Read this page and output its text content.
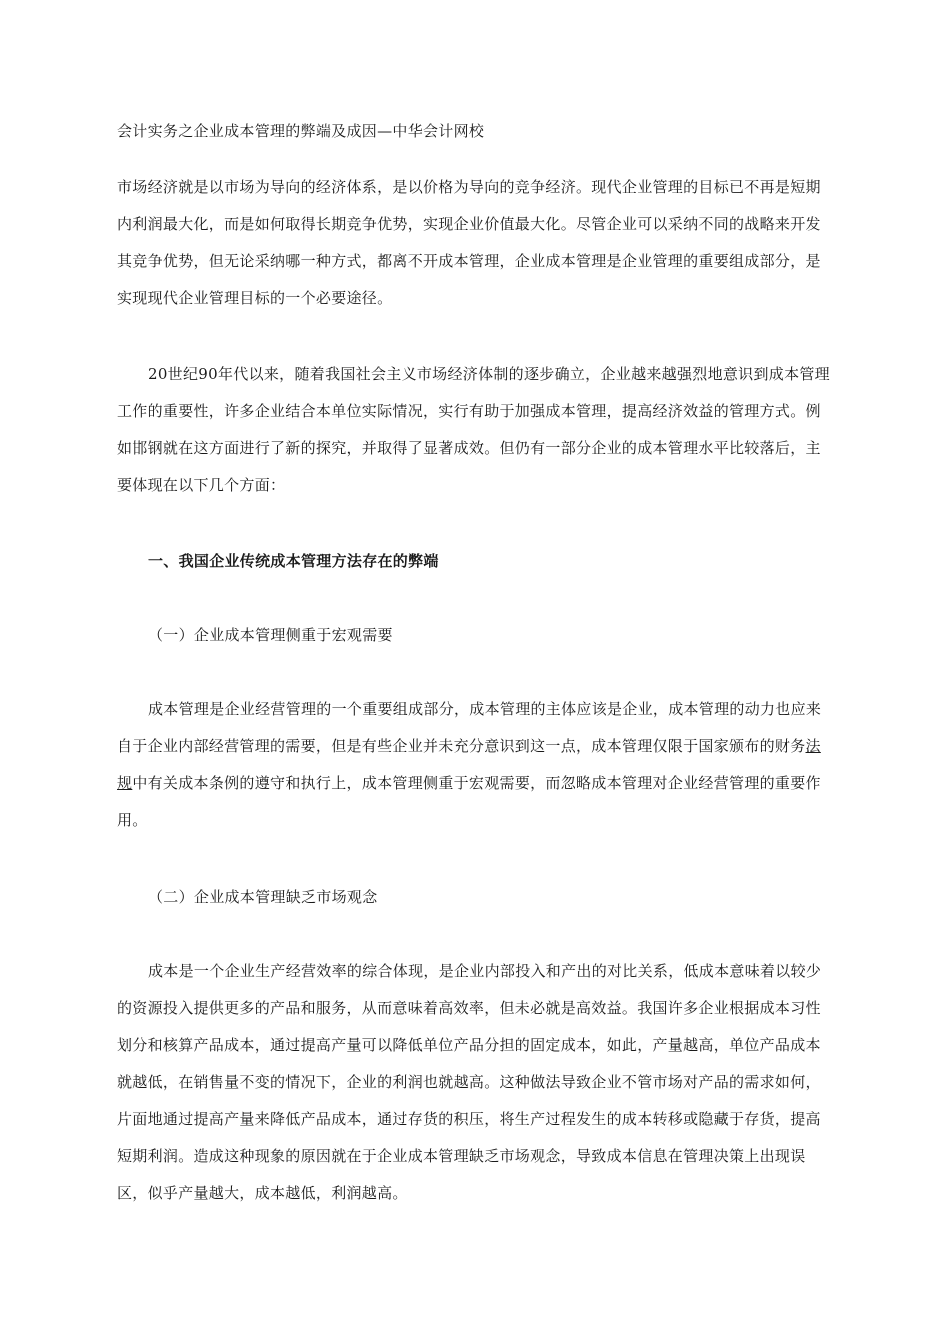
会计实务之企业成本管理的弊端及成因—中华会计网校

市场经济就是以市场为导向的经济体系，是以价格为导向的竞争经济。现代企业管理的目标已不再是短期内利润最大化，而是如何取得长期竞争优势，实现企业价值最大化。尽管企业可以采纳不同的战略来开发其竞争优势，但无论采纳哪一种方式，都离不开成本管理，企业成本管理是企业管理的重要组成部分，是实现现代企业管理目标的一个必要途径。

20世纪90年代以来，随着我国社会主义市场经济体制的逐步确立，企业越来越强烈地意识到成本管理工作的重要性，许多企业结合本单位实际情况，实行有助于加强成本管理，提高经济效益的管理方式。例如邯钢就在这方面进行了新的探究，并取得了显著成效。但仍有一部分企业的成本管理水平比较落后，主要体现在以下几个方面：

一、我国企业传统成本管理方法存在的弊端

（一）企业成本管理侧重于宏观需要

成本管理是企业经营管理的一个重要组成部分，成本管理的主体应该是企业，成本管理的动力也应来自于企业内部经营管理的需要，但是有些企业并未充分意识到这一点，成本管理仅限于国家颁布的财务法规中有关成本条例的遵守和执行上，成本管理侧重于宏观需要，而忽略成本管理对企业经营管理的重要作用。

（二）企业成本管理缺乏市场观念

成本是一个企业生产经营效率的综合体现，是企业内部投入和产出的对比关系，低成本意味着以较少的资源投入提供更多的产品和服务，从而意味着高效率，但未必就是高效益。我国许多企业根据成本习性划分和核算产品成本，通过提高产量可以降低单位产品分担的固定成本，如此，产量越高，单位产品成本就越低，在销售量不变的情况下，企业的利润也就越高。这种做法导致企业不管市场对产品的需求如何，片面地通过提高产量来降低产品成本，通过存货的积压，将生产过程发生的成本转移或隐藏于存货，提高短期利润。造成这种现象的原因就在于企业成本管理缺乏市场观念，导致成本信息在管理决策上出现误区，似乎产量越大，成本越低，利润越高。
